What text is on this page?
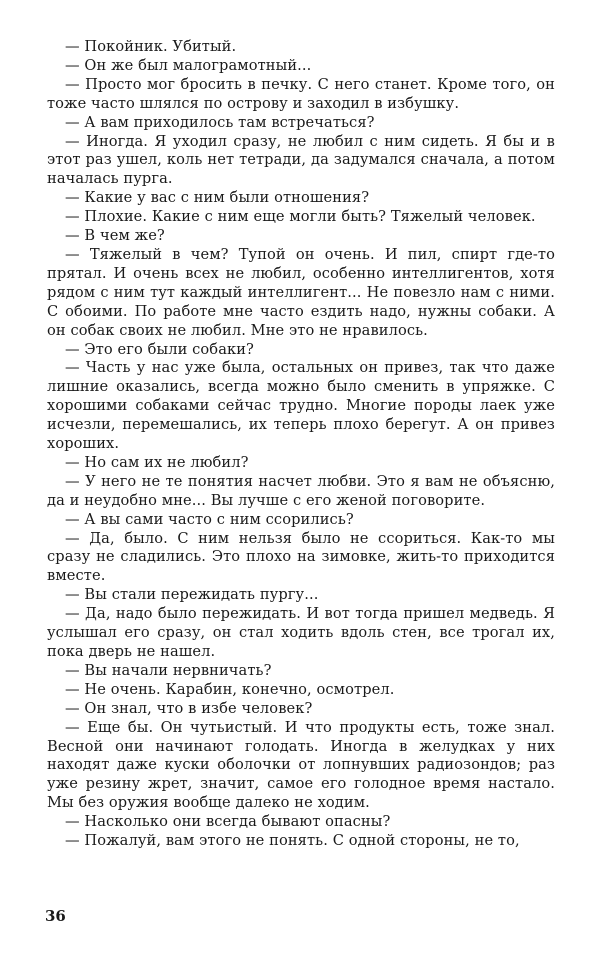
— Покойник. Убитый.

— Он же был малограмотный...

— Просто мог бросить в печку. С него станет. Кроме того, он тоже часто шлялся по острову и заходил в избушку.

— А вам приходилось там встречаться?

— Иногда. Я уходил сразу, не любил с ним сидеть. Я бы и в этот раз ушел, коль нет тетради, да задумался сначала, а потом началась пурга.

— Какие у вас с ним были отношения?

— Плохие. Какие с ним еще могли быть? Тяжелый человек.

— В чем же?

— Тяжелый в чем? Тупой он очень. И пил, спирт где-то прятал. И очень всех не любил, особенно интеллигентов, хотя рядом с ним тут каждый интеллигент... Не повезло нам с ними. С обоими. По работе мне часто ездить надо, нужны собаки. А он собак своих не любил. Мне это не нравилось.

— Это его были собаки?

— Часть у нас уже была, остальных он привез, так что даже лишние оказались, всегда можно было сменить в упряжке. С хорошими собаками сейчас трудно. Многие породы лаек уже исчезли, перемешались, их теперь плохо берегут. А он привез хороших.

— Но сам их не любил?

— У него не те понятия насчет любви. Это я вам не объясню, да и неудобно мне... Вы лучше с его женой поговорите.

— А вы сами часто с ним ссорились?

— Да, было. С ним нельзя было не ссориться. Как-то мы сразу не сладились. Это плохо на зимовке, жить-то приходится вместе.

— Вы стали пережидать пургу...

— Да, надо было пережидать. И вот тогда пришел медведь. Я услышал его сразу, он стал ходить вдоль стен, все трогал их, пока дверь не нашел.

— Вы начали нервничать?

— Не очень. Карабин, конечно, осмотрел.

— Он знал, что в избе человек?

— Еще бы. Он чутьистый. И что продукты есть, тоже знал. Весной они начинают голодать. Иногда в желудках у них находят даже куски оболочки от лопнувших радиозондов; раз уже резину жрет, значит, самое его голодное время настало. Мы без оружия вообще далеко не ходим.

— Насколько они всегда бывают опасны?

— Пожалуй, вам этого не понять. С одной стороны, не то,

36
